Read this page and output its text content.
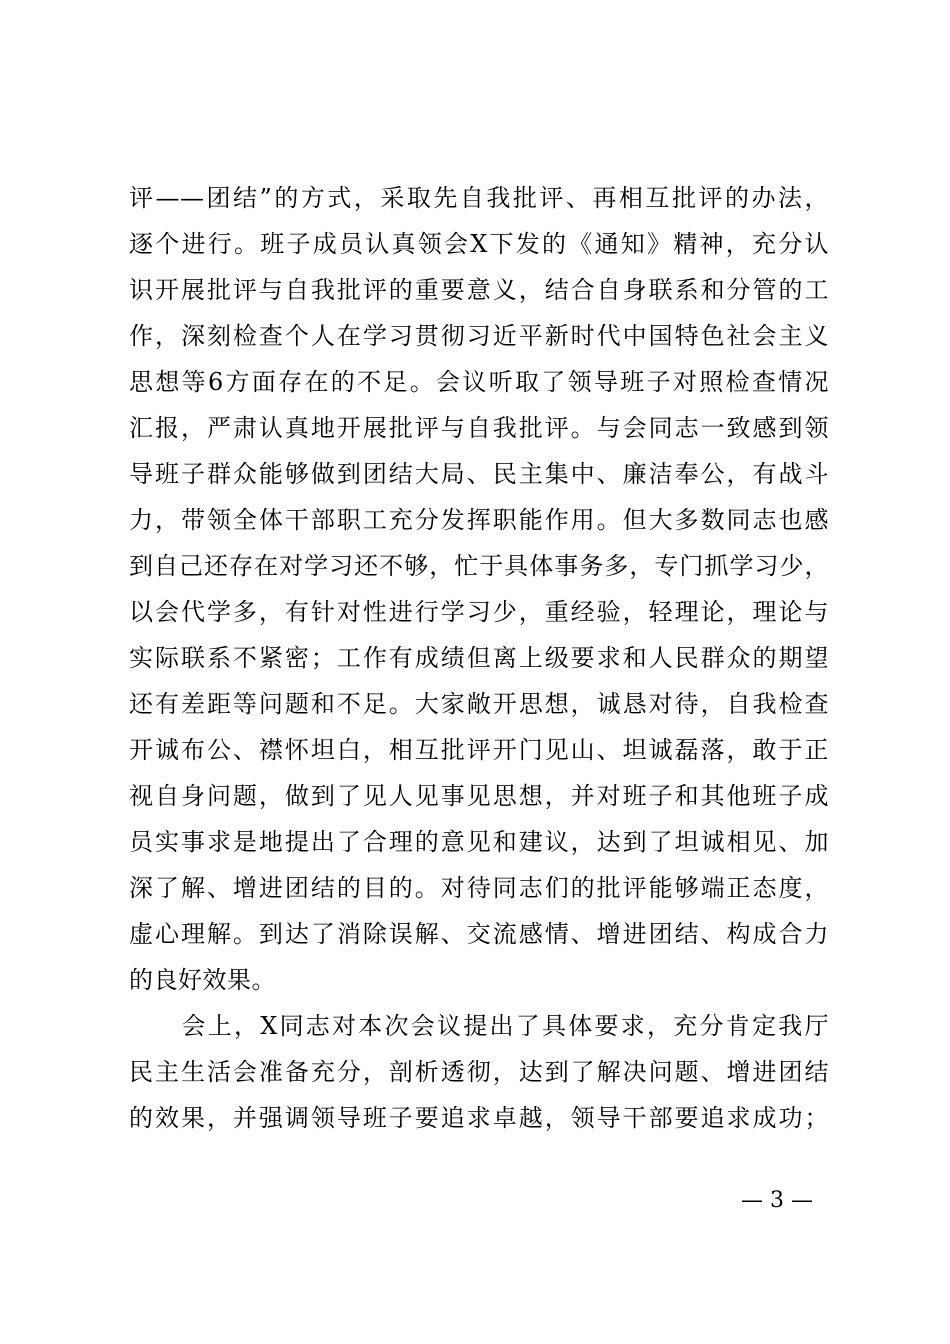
评——团结”的方式，采取先自我批评、再相互批评的办法，
逐个进行。班子成员认真领会X下发的《通知》精神，充分认
识开展批评与自我批评的重要意义，结合自身联系和分管的工
作，深刻检查个人在学习贯彻习近平新时代中国特色社会主义
思想等6方面存在的不足。会议听取了领导班子对照检查情况
汇报，严肃认真地开展批评与自我批评。与会同志一致感到领
导班子群众能够做到团结大局、民主集中、廉洁奉公，有战斗
力，带领全体干部职工充分发挥职能作用。但大多数同志也感
到自己还存在对学习还不够，忙于具体事务多，专门抓学习少，
以会代学多，有针对性进行学习少，重经验，轻理论，理论与
实际联系不紧密；工作有成绩但离上级要求和人民群众的期望
还有差距等问题和不足。大家敞开思想，诚恳对待，自我检查
开诚布公、襟怀坦白，相互批评开门见山、坦诚磊落，敢于正
视自身问题，做到了见人见事见思想，并对班子和其他班子成
员实事求是地提出了合理的意见和建议，达到了坦诚相见、加
深了解、增进团结的目的。对待同志们的批评能够端正态度，
虚心理解。到达了消除误解、交流感情、增进团结、构成合力
的良好效果。
　　会上，X同志对本次会议提出了具体要求，充分肯定我厅
民主生活会准备充分，剖析透彻，达到了解决问题、增进团结
的效果，并强调领导班子要追求卓越，领导干部要追求成功；
— 3 —
